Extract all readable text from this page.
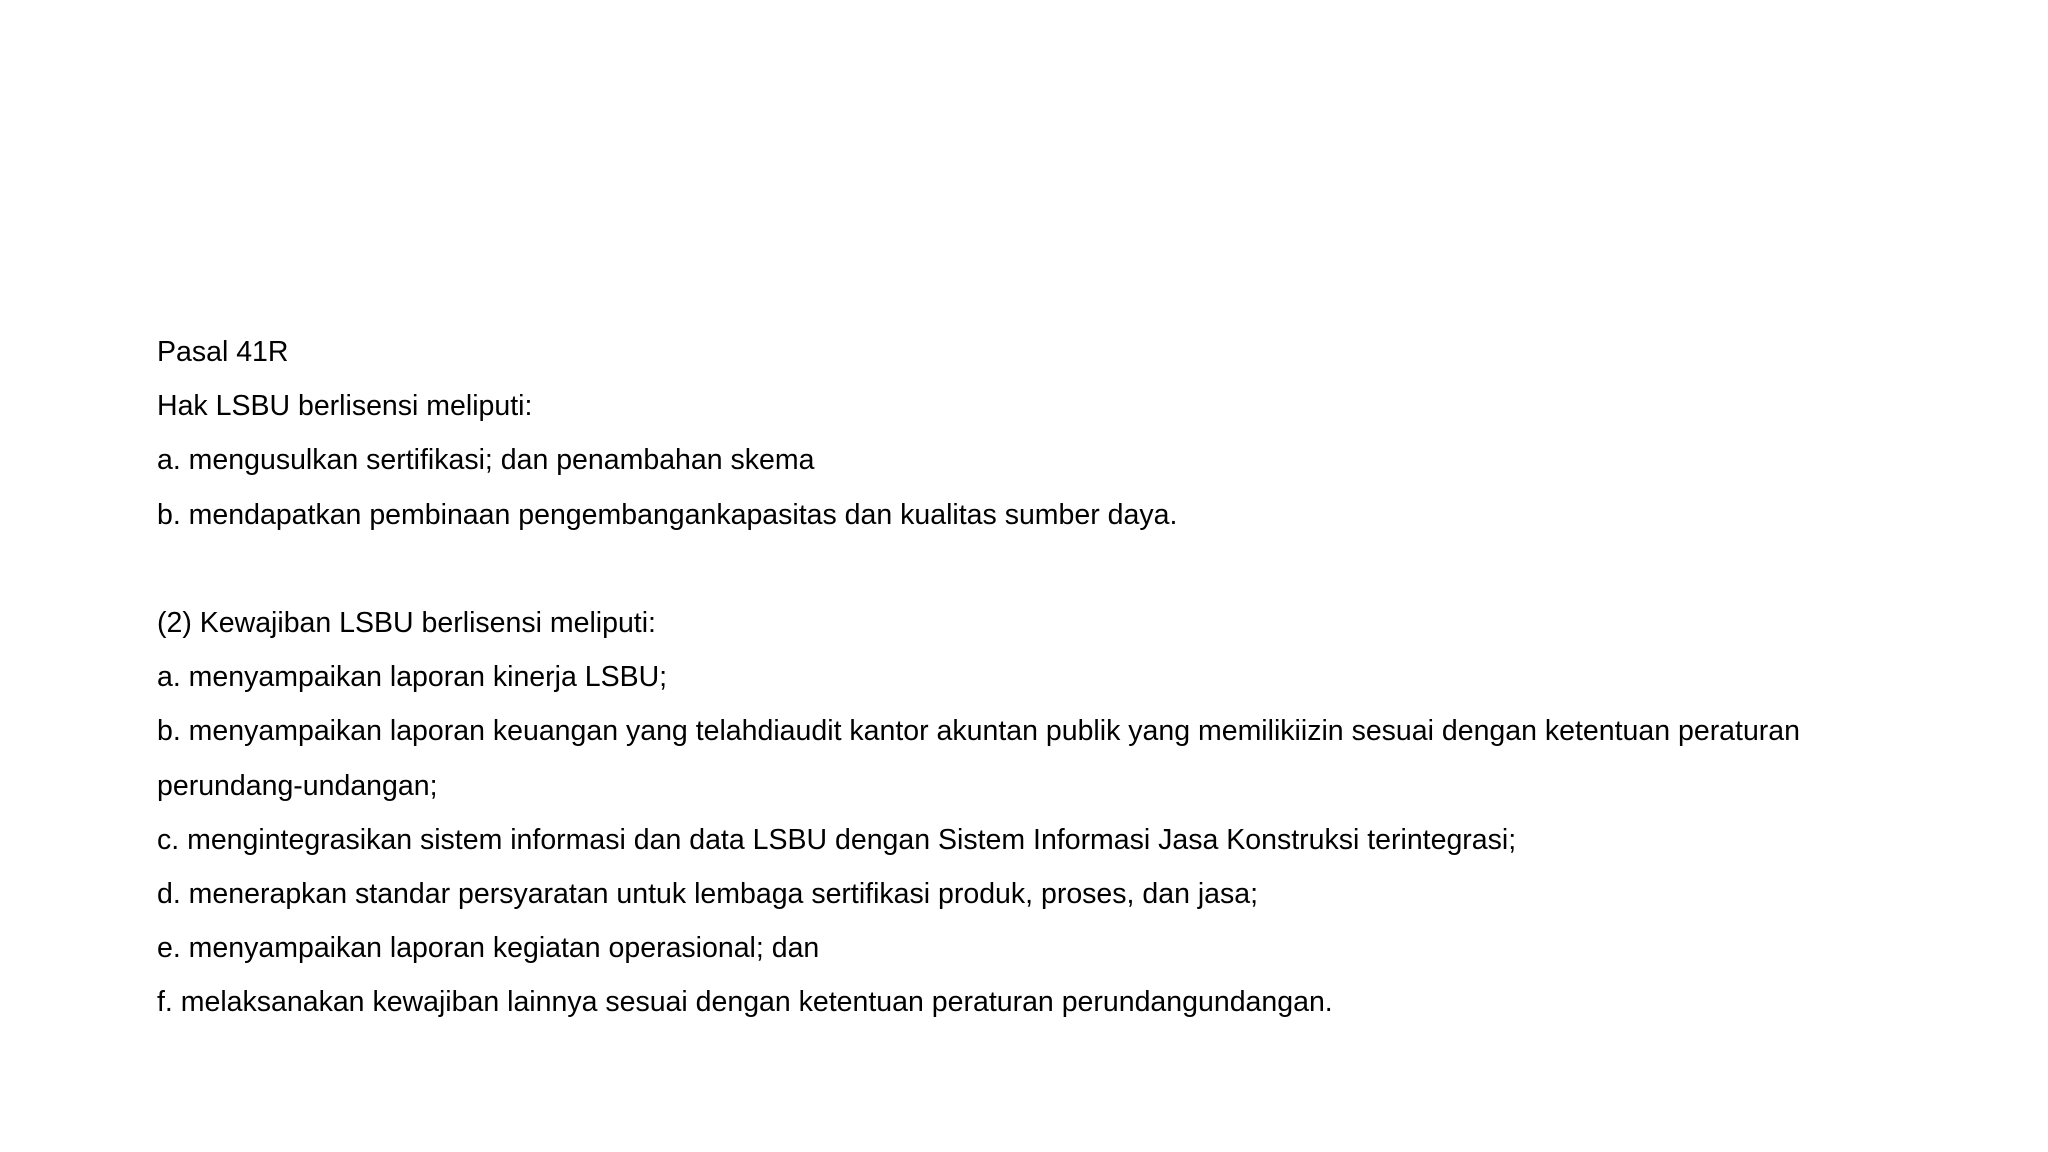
Pasal 41R

Hak LSBU berlisensi meliputi:

a. mengusulkan sertifikasi; dan penambahan skema

b. mendapatkan pembinaan pengembangankapasitas dan kualitas sumber daya.

(2) Kewajiban LSBU berlisensi meliputi:

a. menyampaikan laporan kinerja LSBU;

b. menyampaikan laporan keuangan yang telahdiaudit kantor akuntan publik yang memilikiizin sesuai dengan ketentuan peraturan perundang-undangan;

c. mengintegrasikan sistem informasi dan data LSBU dengan Sistem Informasi Jasa Konstruksi terintegrasi;

d. menerapkan standar persyaratan untuk lembaga sertifikasi produk, proses, dan jasa;

e. menyampaikan laporan kegiatan operasional; dan

f. melaksanakan kewajiban lainnya sesuai dengan ketentuan peraturan perundangundangan.
